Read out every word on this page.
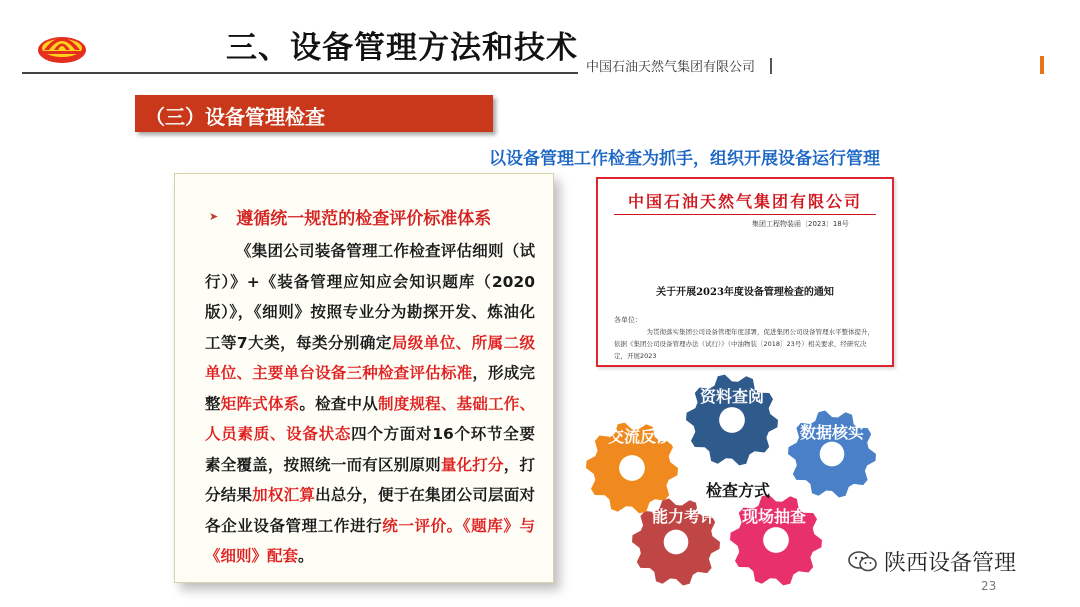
三、设备管理方法和技术
中国石油天然气集团有限公司
（三）设备管理检查
以设备管理工作检查为抓手，组织开展设备运行管理
➤ 遵循统一规范的检查评价标准体系
《集团公司装备管理工作检查评估细则（试行）》+《装备管理应知应会知识题库（2020版）》，《细则》按照专业分为勘探开发、炼油化工等7大类，每类分别确定局级单位、所属二级单位、主要单台设备三种检查评估标准，形成完整矩阵式体系。检查中从制度规程、基础工作、人员素质、设备状态四个方面对16个环节全要素全覆盖，按照统一而有区别原则量化打分，打分结果加权汇算出总分，便于在集团公司层面对各企业设备管理工作进行统一评价。《题库》与《细则》配套。
中国石油天然气集团有限公司
集团工程物装函〔2023〕18号
关于开展2023年度设备管理检查的通知
各单位：
为贯彻落实集团公司设备管理年度部署，促进集团公司设备管理水平整体提升，依据《集团公司设备管理办法（试行）》（中油物装〔2018〕23号）相关要求，经研究决定，开展2023
资料查阅
数据核实
现场抽查
能力考评
交流反馈
检查方式
陕西设备管理
23
